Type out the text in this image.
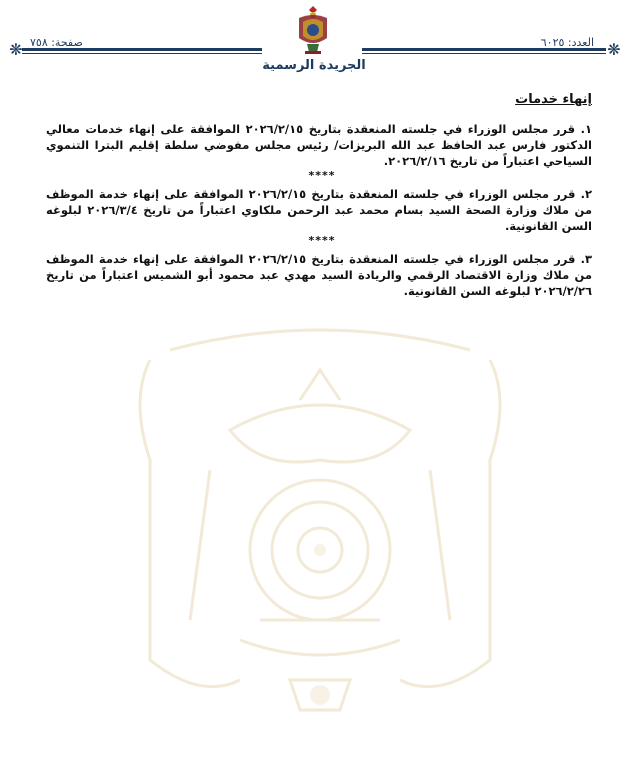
❋	❋
صفحة: ٧٥٨	العدد: ٦٠٢٥
الجريدة الرسمية
إنهاء خدمات
١. قرر مجلس الوزراء في جلسته المنعقدة بتاريخ ٢٠٢٦/٢/١٥ الموافقة على إنهاء خدمات معالي الدكتور فارس عبد الحافظ عبد الله البريزات/ رئيس مجلس مفوضي سلطة إقليم البترا التنموي السياحي اعتباراً من تاريخ ٢٠٢٦/٢/١٦.
****
٢. قرر مجلس الوزراء في جلسته المنعقدة بتاريخ ٢٠٢٦/٢/١٥ الموافقة على إنهاء خدمة الموظف من ملاك وزارة الصحة السيد بسام محمد عبد الرحمن ملكاوي اعتباراً من تاريخ ٢٠٢٦/٣/٤ لبلوغه السن القانونية.
****
٣. قرر مجلس الوزراء في جلسته المنعقدة بتاريخ ٢٠٢٦/٢/١٥ الموافقة على إنهاء خدمة الموظف من ملاك وزارة الاقتصاد الرقمي والريادة السيد مهدي عبد محمود أبو الشميس اعتباراً من تاريخ ٢٠٢٦/٢/٢٦ لبلوغه السن القانونية.
